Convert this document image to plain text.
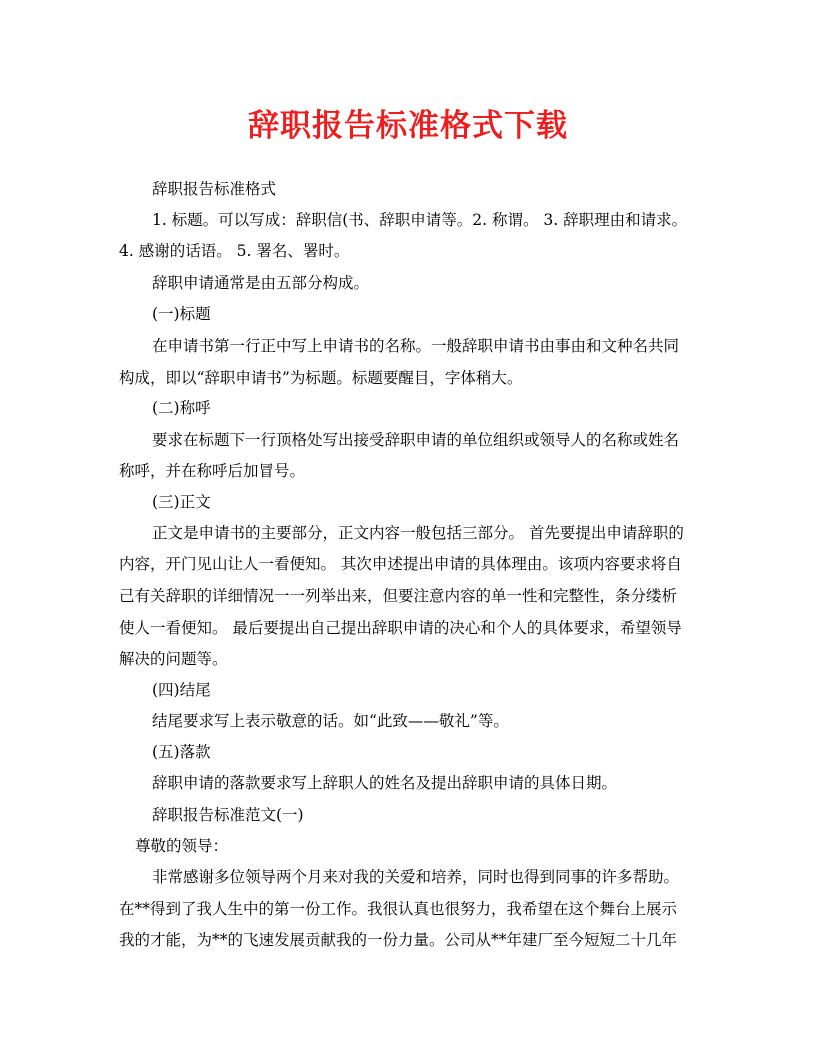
辞职报告标准格式下载

辞职报告标准格式

1. 标题。可以写成：辞职信(书、辞职申请等。2. 称谓。 3. 辞职理由和请求。

4. 感谢的话语。 5. 署名、署时。

辞职申请通常是由五部分构成。

(一)标题

在申请书第一行正中写上申请书的名称。一般辞职申请书由事由和文种名共同

构成，即以“辞职申请书”为标题。标题要醒目，字体稍大。

(二)称呼

要求在标题下一行顶格处写出接受辞职申请的单位组织或领导人的名称或姓名

称呼，并在称呼后加冒号。

(三)正文

正文是申请书的主要部分，正文内容一般包括三部分。 首先要提出申请辞职的

内容，开门见山让人一看便知。 其次申述提出申请的具体理由。该项内容要求将自

己有关辞职的详细情况一一列举出来，但要注意内容的单一性和完整性，条分缕析

使人一看便知。 最后要提出自己提出辞职申请的决心和个人的具体要求，希望领导

解决的问题等。

(四)结尾

结尾要求写上表示敬意的话。如“此致——敬礼”等。

(五)落款

辞职申请的落款要求写上辞职人的姓名及提出辞职申请的具体日期。

辞职报告标准范文(一)

尊敬的领导：

非常感谢多位领导两个月来对我的关爱和培养，同时也得到同事的许多帮助。

在**得到了我人生中的第一份工作。我很认真也很努力，我希望在这个舞台上展示

我的才能，为**的飞速发展贡献我的一份力量。公司从**年建厂至今短短二十几年
